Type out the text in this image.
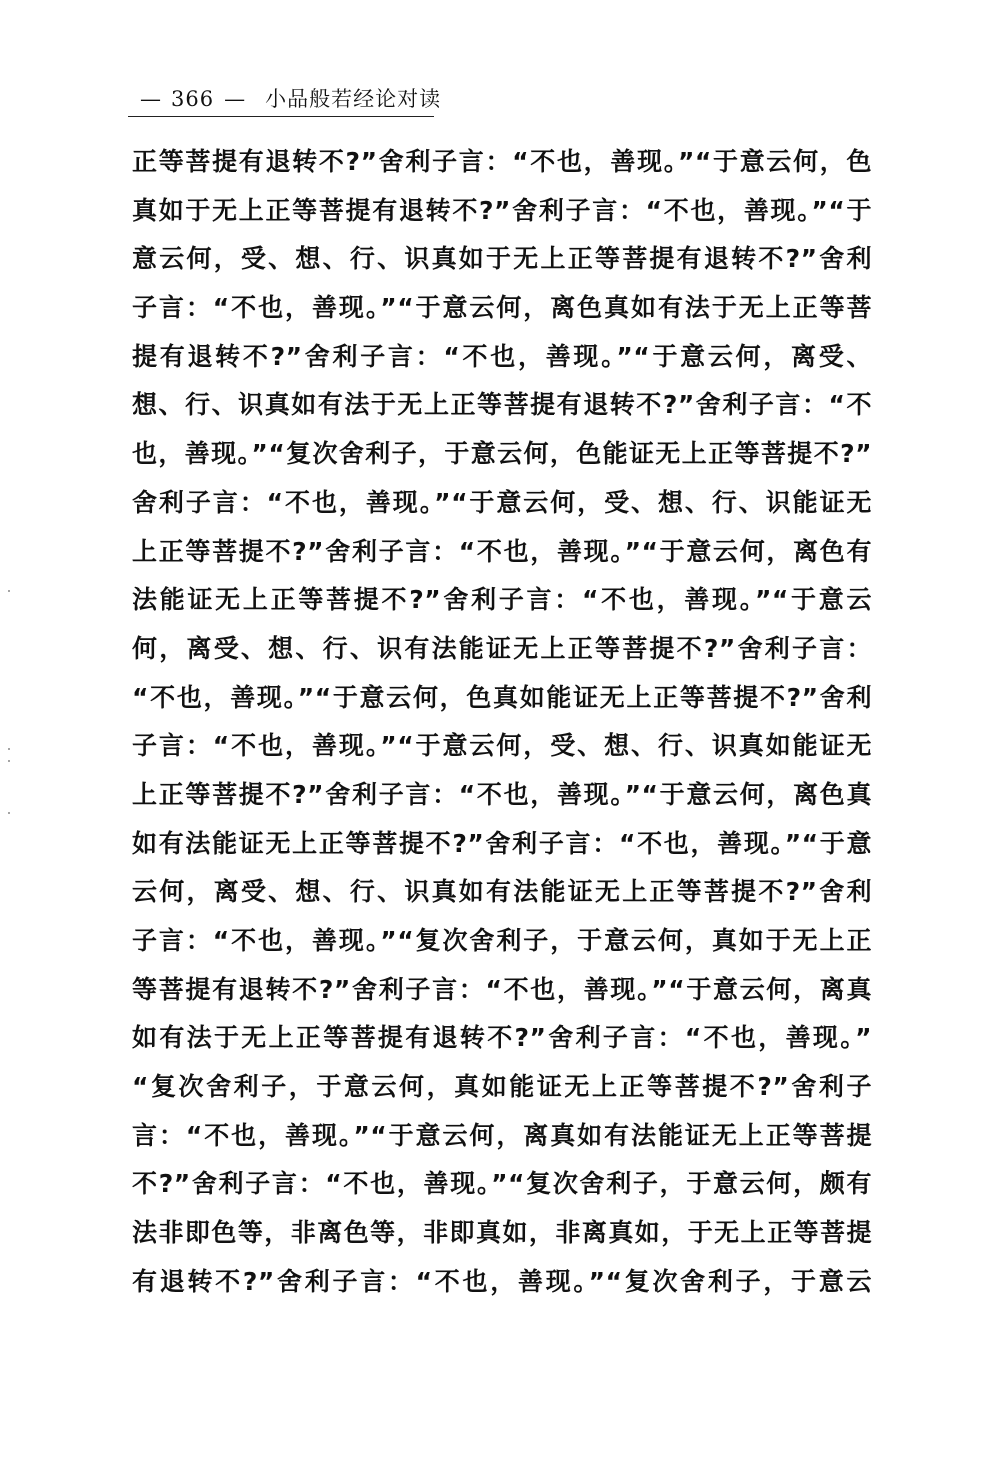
— 366 — 小品般若经论对读
正等菩提有退转不?”舍利子言：“不也，善现。”“于意云何，色
真如于无上正等菩提有退转不?”舍利子言：“不也，善现。”“于
意云何，受、想、行、识真如于无上正等菩提有退转不?”舍利
子言：“不也，善现。”“于意云何，离色真如有法于无上正等菩
提有退转不?”舍利子言：“不也，善现。”“于意云何，离受、
想、行、识真如有法于无上正等菩提有退转不?”舍利子言：“不
也，善现。”“复次舍利子，于意云何，色能证无上正等菩提不?”
舍利子言：“不也，善现。”“于意云何，受、想、行、识能证无
上正等菩提不?”舍利子言：“不也，善现。”“于意云何，离色有
法能证无上正等菩提不?”舍利子言：“不也，善现。”“于意云
何，离受、想、行、识有法能证无上正等菩提不?”舍利子言：
“不也，善现。”“于意云何，色真如能证无上正等菩提不?”舍利
子言：“不也，善现。”“于意云何，受、想、行、识真如能证无
上正等菩提不?”舍利子言：“不也，善现。”“于意云何，离色真
如有法能证无上正等菩提不?”舍利子言：“不也，善现。”“于意
云何，离受、想、行、识真如有法能证无上正等菩提不?”舍利
子言：“不也，善现。”“复次舍利子，于意云何，真如于无上正
等菩提有退转不?”舍利子言：“不也，善现。”“于意云何，离真
如有法于无上正等菩提有退转不?”舍利子言：“不也，善现。”
“复次舍利子，于意云何，真如能证无上正等菩提不?”舍利子
言：“不也，善现。”“于意云何，离真如有法能证无上正等菩提
不?”舍利子言：“不也，善现。”“复次舍利子，于意云何，颇有
法非即色等，非离色等，非即真如，非离真如，于无上正等菩提
有退转不?”舍利子言：“不也，善现。”“复次舍利子，于意云
